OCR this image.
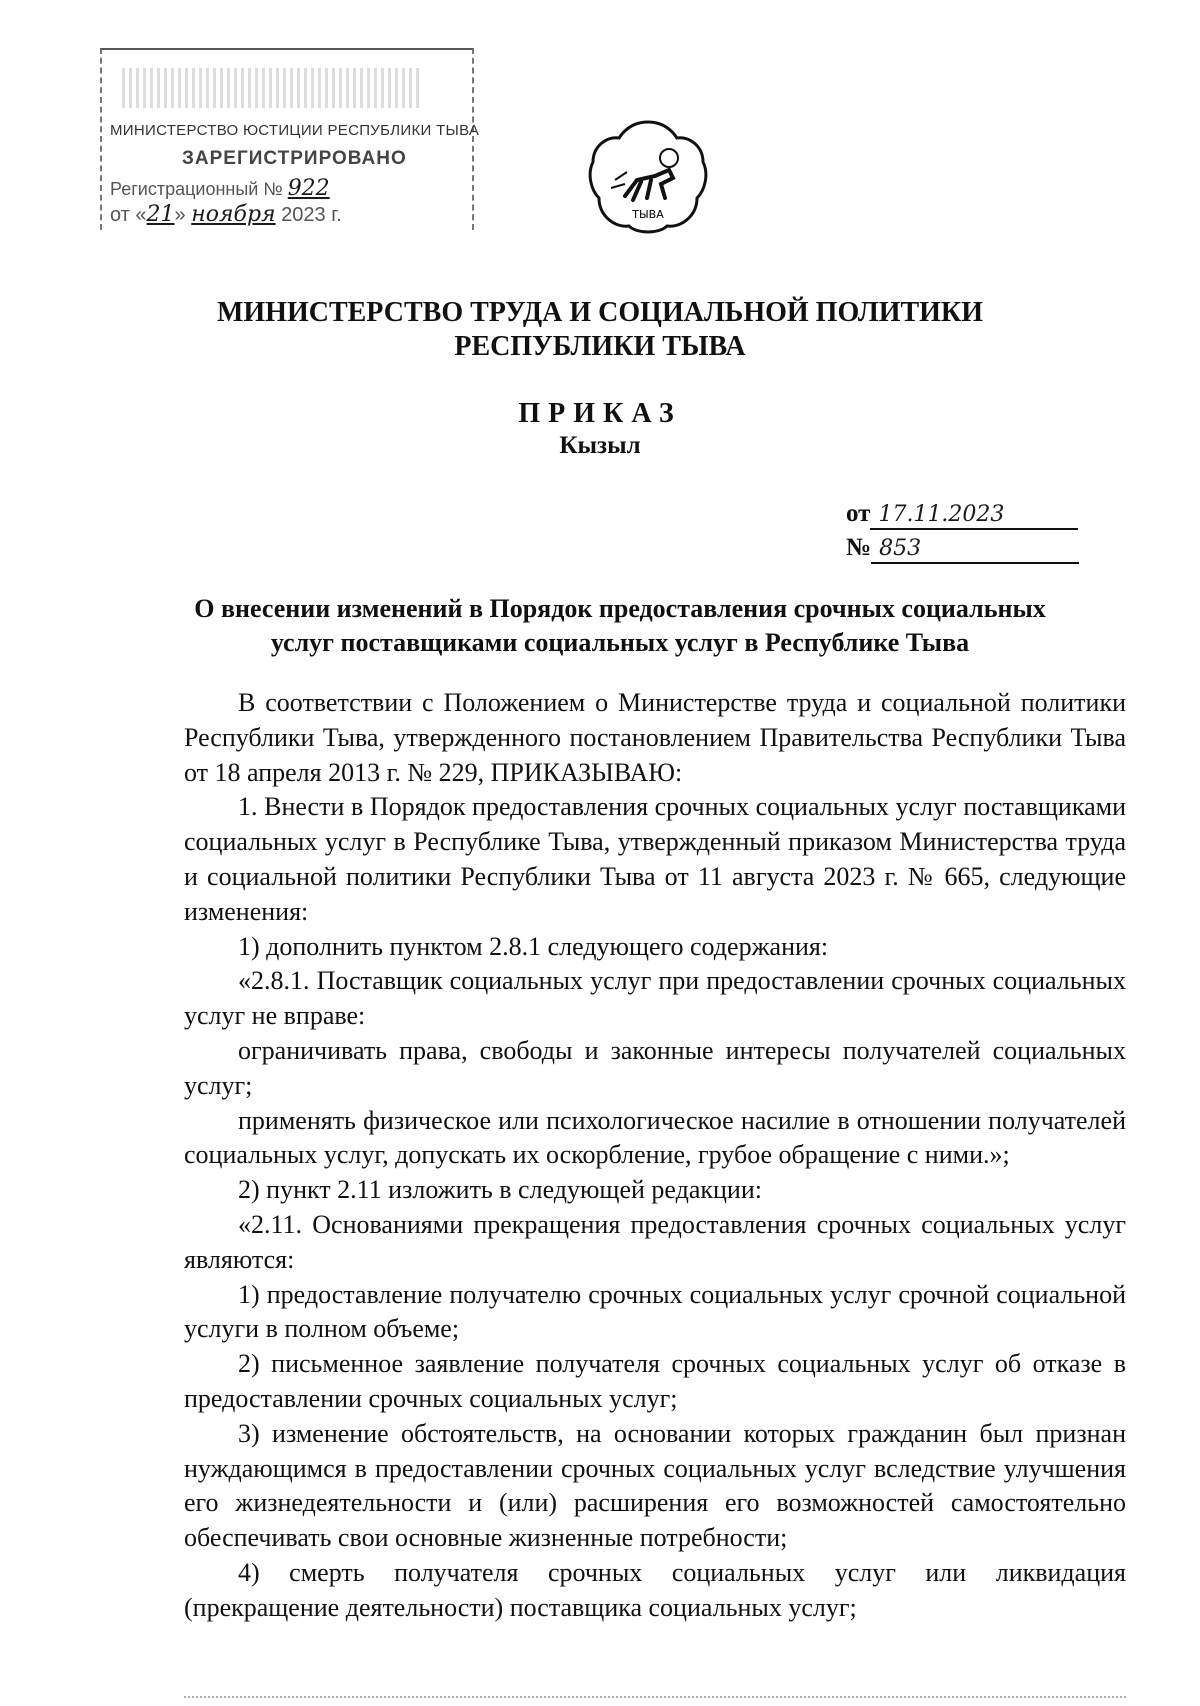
МИНИСТЕРСТВО ЮСТИЦИИ РЕСПУБЛИКИ ТЫВА
ЗАРЕГИСТРИРОВАНО
Регистрационный № 922
от «21» ноября 2023 г.	ТЫВА
МИНИСТЕРСТВО ТРУДА И СОЦИАЛЬНОЙ ПОЛИТИКИ
РЕСПУБЛИКИ ТЫВА
ПРИКАЗ
Кызыл
от 17.11.2023
№ 853
О внесении изменений в Порядок предоставления срочных социальных
услуг поставщиками социальных услуг в Республике Тыва

В соответствии с Положением о Министерстве труда и социальной политики Республики Тыва, утвержденного постановлением Правительства Республики Тыва от 18 апреля 2013 г. № 229, ПРИКАЗЫВАЮ:

1. Внести в Порядок предоставления срочных социальных услуг поставщиками социальных услуг в Республике Тыва, утвержденный приказом Министерства труда и социальной политики Республики Тыва от 11 августа 2023 г. № 665, следующие изменения:

1) дополнить пунктом 2.8.1 следующего содержания:

«2.8.1. Поставщик социальных услуг при предоставлении срочных социальных услуг не вправе:

ограничивать права, свободы и законные интересы получателей социальных услуг;

применять физическое или психологическое насилие в отношении получателей социальных услуг, допускать их оскорбление, грубое обращение с ними.»;

2) пункт 2.11 изложить в следующей редакции:

«2.11. Основаниями прекращения предоставления срочных социальных услуг являются:

1) предоставление получателю срочных социальных услуг срочной социальной услуги в полном объеме;

2) письменное заявление получателя срочных социальных услуг об отказе в предоставлении срочных социальных услуг;

3) изменение обстоятельств, на основании которых гражданин был признан нуждающимся в предоставлении срочных социальных услуг вследствие улучшения его жизнедеятельности и (или) расширения его возможностей самостоятельно обеспечивать свои основные жизненные потребности;

4) смерть получателя срочных социальных услуг или ликвидация (прекращение деятельности) поставщика социальных услуг;
